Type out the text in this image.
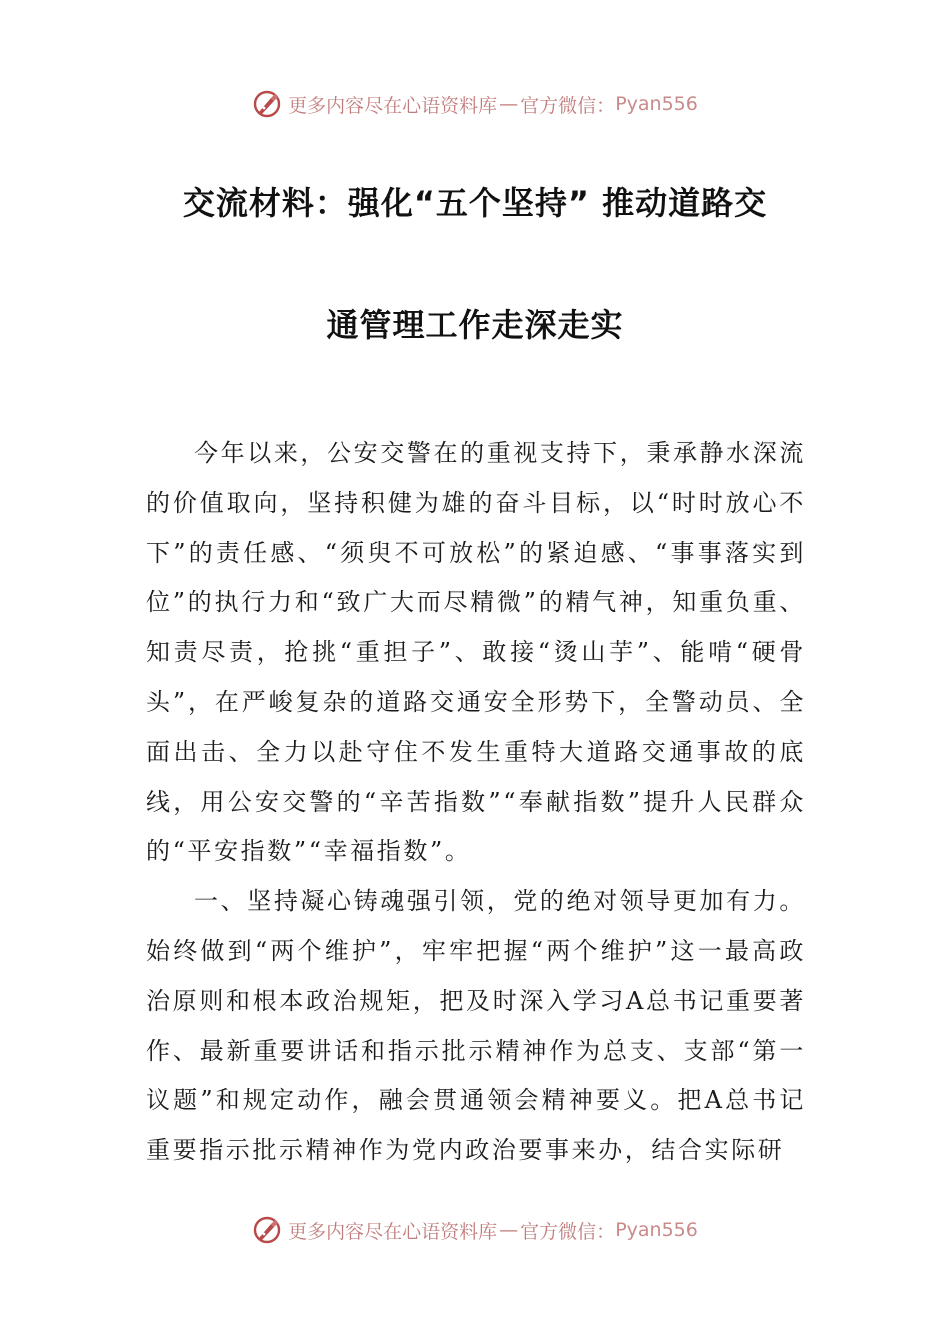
更多内容尽在心语资料库 — 官方微信： Pyan556
交流材料：强化“五个坚持” 推动道路交
通管理工作走深走实

今年以来，公安交警在的重视支持下，秉承静水深流的价值取向，坚持积健为雄的奋斗目标，以“时时放心不下”的责任感、“须臾不可放松”的紧迫感、“事事落实到位”的执行力和“致广大而尽精微”的精气神，知重负重、知责尽责，抢挑“重担子”、敢接“烫山芋”、能啃“硬骨头”，在严峻复杂的道路交通安全形势下，全警动员、全面出击、全力以赴守住不发生重特大道路交通事故的底线，用公安交警的“辛苦指数”“奉献指数”提升人民群众的“平安指数”“幸福指数”。

一、坚持凝心铸魂强引领，党的绝对领导更加有力。始终做到“两个维护”，牢牢把握“两个维护”这一最高政治原则和根本政治规矩，把及时深入学习A总书记重要著作、最新重要讲话和指示批示精神作为总支、支部“第一议题”和规定动作，融会贯通领会精神要义。把A总书记重要指示批示精神作为党内政治要事来办，结合实际研

更多内容尽在心语资料库 — 官方微信： Pyan556
